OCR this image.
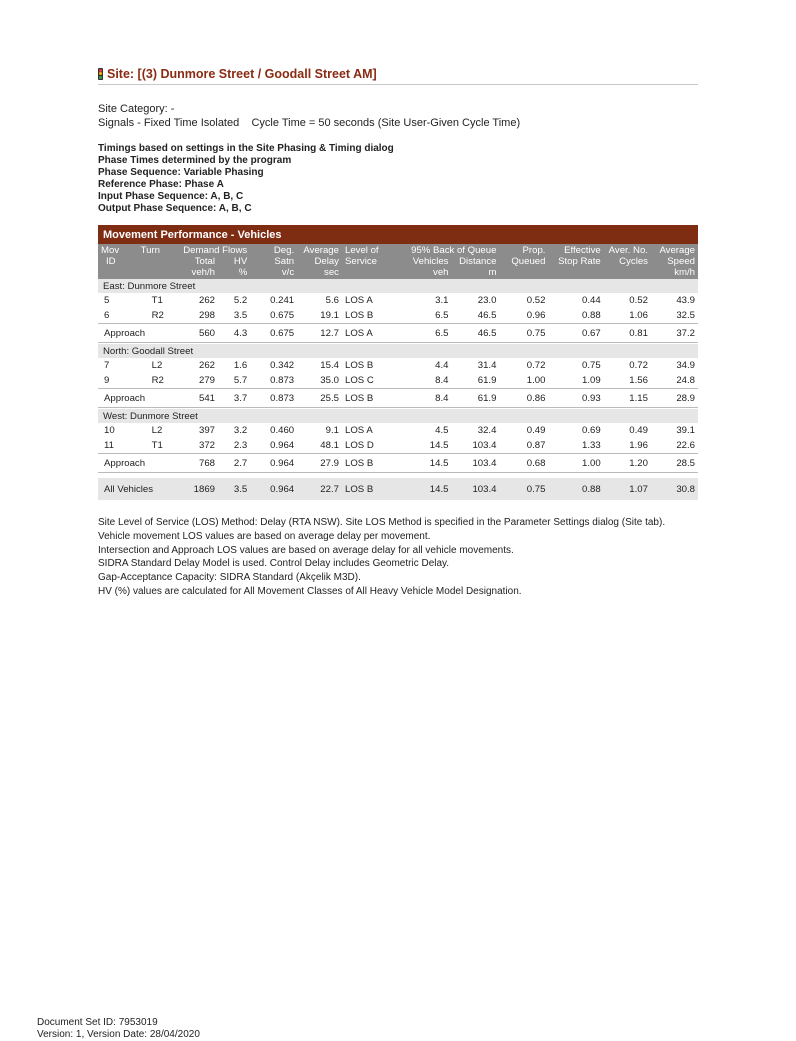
Site: [(3) Dunmore Street / Goodall Street AM]
Site Category: -
Signals - Fixed Time Isolated    Cycle Time = 50 seconds (Site User-Given Cycle Time)
Timings based on settings in the Site Phasing & Timing dialog
Phase Times determined by the program
Phase Sequence: Variable Phasing
Reference Phase: Phase A
Input Phase Sequence: A, B, C
Output Phase Sequence: A, B, C
Movement Performance - Vehicles												
Mov	Turn	Demand Flows		Deg.	Average	Level of	95% Back of Queue		Prop.	Effective	Aver. No.	Average
ID		Total	HV	Satn	Delay	Service	Vehicles	Distance	Queued	Stop Rate	Cycles	Speed
		veh/h	%	v/c	sec		veh	m				km/h
East: Dunmore Street												
5	T1	262	5.2	0.241	5.6	LOS A	3.1	23.0	0.52	0.44	0.52	43.9
6	R2	298	3.5	0.675	19.1	LOS B	6.5	46.5	0.96	0.88	1.06	32.5
Approach		560	4.3	0.675	12.7	LOS A	6.5	46.5	0.75	0.67	0.81	37.2

North: Goodall Street												
7	L2	262	1.6	0.342	15.4	LOS B	4.4	31.4	0.72	0.75	0.72	34.9
9	R2	279	5.7	0.873	35.0	LOS C	8.4	61.9	1.00	1.09	1.56	24.8
Approach		541	3.7	0.873	25.5	LOS B	8.4	61.9	0.86	0.93	1.15	28.9

West: Dunmore Street												
10	L2	397	3.2	0.460	9.1	LOS A	4.5	32.4	0.49	0.69	0.49	39.1
11	T1	372	2.3	0.964	48.1	LOS D	14.5	103.4	0.87	1.33	1.96	22.6
Approach		768	2.7	0.964	27.9	LOS B	14.5	103.4	0.68	1.00	1.20	28.5

All Vehicles		1869	3.5	0.964	22.7	LOS B	14.5	103.4	0.75	0.88	1.07	30.8
Site Level of Service (LOS) Method: Delay (RTA NSW). Site LOS Method is specified in the Parameter Settings dialog (Site tab).
Vehicle movement LOS values are based on average delay per movement.
Intersection and Approach LOS values are based on average delay for all vehicle movements.
SIDRA Standard Delay Model is used. Control Delay includes Geometric Delay.
Gap-Acceptance Capacity: SIDRA Standard (Akçelik M3D).
HV (%) values are calculated for All Movement Classes of All Heavy Vehicle Model Designation.
Document Set ID: 7953019
Version: 1, Version Date: 28/04/2020
